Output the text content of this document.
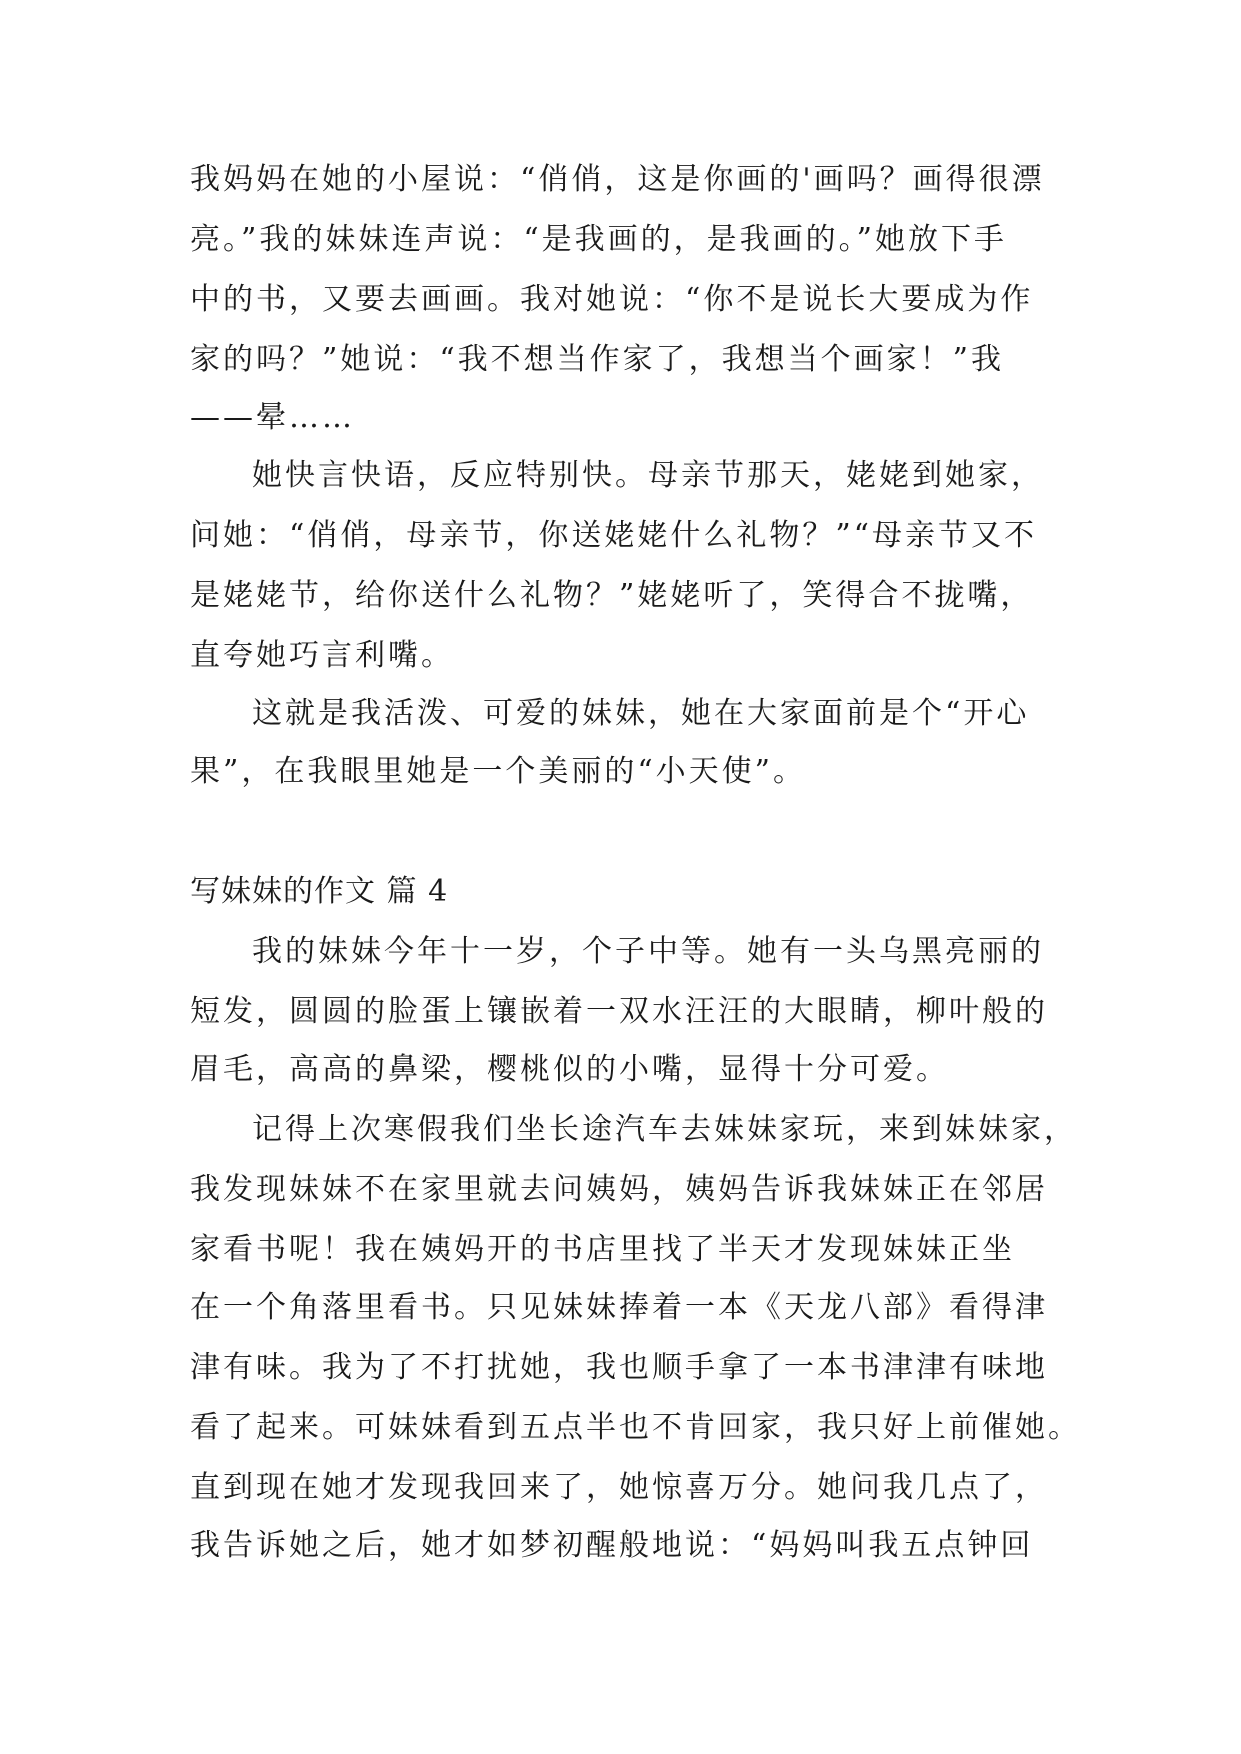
我妈妈在她的小屋说：“俏俏，这是你画的'画吗？画得很漂
亮。”我的妹妹连声说：“是我画的，是我画的。”她放下手
中的书，又要去画画。我对她说：“你不是说长大要成为作
家的吗？”她说：“我不想当作家了，我想当个画家！”我
——晕……
她快言快语，反应特别快。母亲节那天，姥姥到她家，
问她：“俏俏，母亲节，你送姥姥什么礼物？”“母亲节又不
是姥姥节，给你送什么礼物？”姥姥听了，笑得合不拢嘴，
直夸她巧言利嘴。
这就是我活泼、可爱的妹妹，她在大家面前是个“开心
果”，在我眼里她是一个美丽的“小天使”。
写妹妹的作文 篇 4
我的妹妹今年十一岁，个子中等。她有一头乌黑亮丽的
短发，圆圆的脸蛋上镶嵌着一双水汪汪的大眼睛，柳叶般的
眉毛，高高的鼻梁，樱桃似的小嘴，显得十分可爱。
记得上次寒假我们坐长途汽车去妹妹家玩，来到妹妹家，
我发现妹妹不在家里就去问姨妈，姨妈告诉我妹妹正在邻居
家看书呢！我在姨妈开的书店里找了半天才发现妹妹正坐
在一个角落里看书。只见妹妹捧着一本《天龙八部》看得津
津有味。我为了不打扰她，我也顺手拿了一本书津津有味地
看了起来。可妹妹看到五点半也不肯回家，我只好上前催她。
直到现在她才发现我回来了，她惊喜万分。她问我几点了，
我告诉她之后，她才如梦初醒般地说：“妈妈叫我五点钟回
